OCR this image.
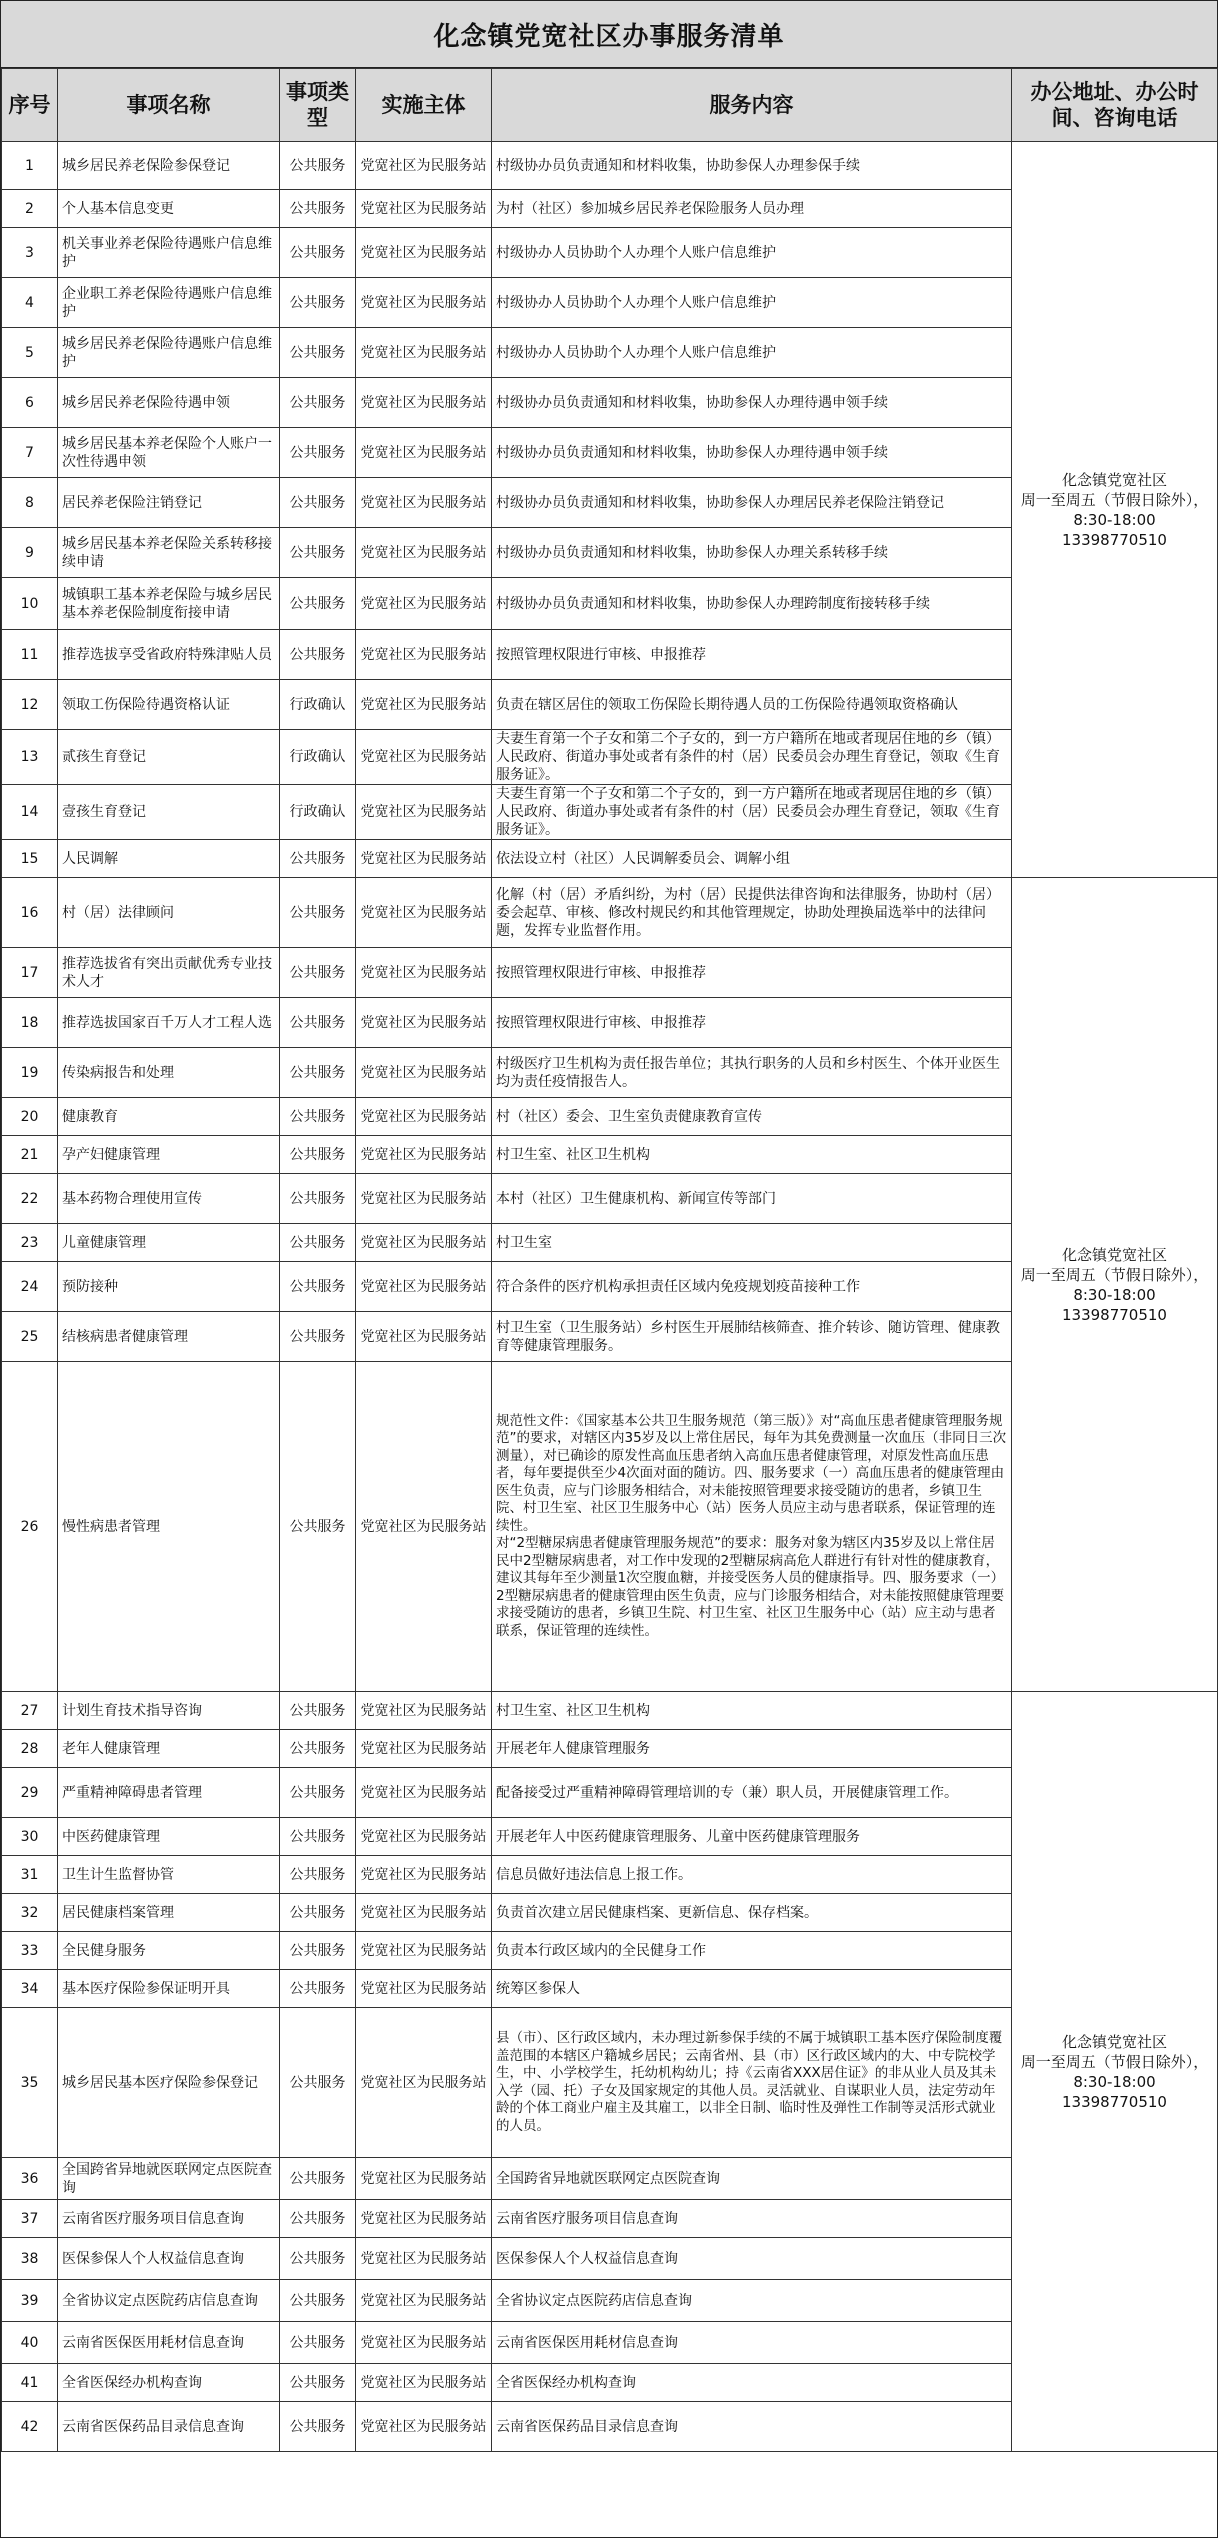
化念镇党宽社区办事服务清单
序号	事项名称	事项类型	实施主体	服务内容	办公地址、办公时间、咨询电话
1	城乡居民养老保险参保登记	公共服务	党宽社区为民服务站	村级协办员负责通知和材料收集，协助参保人办理参保手续	化念镇党宽社区
周一至周五（节假日除外），8:30-18:00
13398770510

2	个人基本信息变更	公共服务	党宽社区为民服务站	为村（社区）参加城乡居民养老保险服务人员办理	
3	机关事业养老保险待遇账户信息维护	公共服务	党宽社区为民服务站	村级协办人员协助个人办理个人账户信息维护	
4	企业职工养老保险待遇账户信息维护	公共服务	党宽社区为民服务站	村级协办人员协助个人办理个人账户信息维护	
5	城乡居民养老保险待遇账户信息维护	公共服务	党宽社区为民服务站	村级协办人员协助个人办理个人账户信息维护	
6	城乡居民养老保险待遇申领	公共服务	党宽社区为民服务站	村级协办员负责通知和材料收集，协助参保人办理待遇申领手续	
7	城乡居民基本养老保险个人账户一次性待遇申领	公共服务	党宽社区为民服务站	村级协办员负责通知和材料收集，协助参保人办理待遇申领手续	
8	居民养老保险注销登记	公共服务	党宽社区为民服务站	村级协办员负责通知和材料收集，协助参保人办理居民养老保险注销登记	
9	城乡居民基本养老保险关系转移接续申请	公共服务	党宽社区为民服务站	村级协办员负责通知和材料收集，协助参保人办理关系转移手续	
10	城镇职工基本养老保险与城乡居民基本养老保险制度衔接申请	公共服务	党宽社区为民服务站	村级协办员负责通知和材料收集，协助参保人办理跨制度衔接转移手续	
11	推荐选拔享受省政府特殊津贴人员	公共服务	党宽社区为民服务站	按照管理权限进行审核、申报推荐	
12	领取工伤保险待遇资格认证	行政确认	党宽社区为民服务站	负责在辖区居住的领取工伤保险长期待遇人员的工伤保险待遇领取资格确认	
13	贰孩生育登记	行政确认	党宽社区为民服务站	夫妻生育第一个子女和第二个子女的，到一方户籍所在地或者现居住地的乡（镇）人民政府、街道办事处或者有条件的村（居）民委员会办理生育登记，领取《生育服务证》。	
14	壹孩生育登记	行政确认	党宽社区为民服务站	夫妻生育第一个子女和第二个子女的，到一方户籍所在地或者现居住地的乡（镇）人民政府、街道办事处或者有条件的村（居）民委员会办理生育登记，领取《生育服务证》。	
15	人民调解	公共服务	党宽社区为民服务站	依法设立村（社区）人民调解委员会、调解小组	
16	村（居）法律顾问	公共服务	党宽社区为民服务站	化解（村（居）矛盾纠纷，为村（居）民提供法律咨询和法律服务，协助村（居）委会起草、审核、修改村规民约和其他管理规定，协助处理换届选举中的法律问题，发挥专业监督作用。	化念镇党宽社区
周一至周五（节假日除外），8:30-18:00
13398770510

17	推荐选拔省有突出贡献优秀专业技术人才	公共服务	党宽社区为民服务站	按照管理权限进行审核、申报推荐	
18	推荐选拔国家百千万人才工程人选	公共服务	党宽社区为民服务站	按照管理权限进行审核、申报推荐	
19	传染病报告和处理	公共服务	党宽社区为民服务站	村级医疗卫生机构为责任报告单位；其执行职务的人员和乡村医生、个体开业医生均为责任疫情报告人。	
20	健康教育	公共服务	党宽社区为民服务站	村（社区）委会、卫生室负责健康教育宣传	
21	孕产妇健康管理	公共服务	党宽社区为民服务站	村卫生室、社区卫生机构	
22	基本药物合理使用宣传	公共服务	党宽社区为民服务站	本村（社区）卫生健康机构、新闻宣传等部门	
23	儿童健康管理	公共服务	党宽社区为民服务站	村卫生室	
24	预防接种	公共服务	党宽社区为民服务站	符合条件的医疗机构承担责任区域内免疫规划疫苗接种工作	
25	结核病患者健康管理	公共服务	党宽社区为民服务站	村卫生室（卫生服务站）乡村医生开展肺结核筛查、推介转诊、随访管理、健康教育等健康管理服务。	
26	慢性病患者管理	公共服务	党宽社区为民服务站	规范性文件：《国家基本公共卫生服务规范（第三版）》对“高血压患者健康管理服务规范”的要求，对辖区内35岁及以上常住居民，每年为其免费测量一次血压（非同日三次测量），对已确诊的原发性高血压患者纳入高血压患者健康管理，对原发性高血压患者，每年要提供至少4次面对面的随访。四、服务要求（一）高血压患者的健康管理由医生负责，应与门诊服务相结合，对未能按照管理要求接受随访的患者，乡镇卫生院、村卫生室、社区卫生服务中心（站）医务人员应主动与患者联系，保证管理的连续性。
对“2型糖尿病患者健康管理服务规范”的要求：服务对象为辖区内35岁及以上常住居民中2型糖尿病患者，对工作中发现的2型糖尿病高危人群进行有针对性的健康教育，建议其每年至少测量1次空腹血糖，并接受医务人员的健康指导。四、服务要求（一）2型糖尿病患者的健康管理由医生负责，应与门诊服务相结合，对未能按照健康管理要求接受随访的患者，乡镇卫生院、村卫生室、社区卫生服务中心（站）应主动与患者联系，保证管理的连续性。	
27	计划生育技术指导咨询	公共服务	党宽社区为民服务站	村卫生室、社区卫生机构	化念镇党宽社区
周一至周五（节假日除外），8:30-18:00
13398770510

28	老年人健康管理	公共服务	党宽社区为民服务站	开展老年人健康管理服务	
29	严重精神障碍患者管理	公共服务	党宽社区为民服务站	配备接受过严重精神障碍管理培训的专（兼）职人员，开展健康管理工作。	
30	中医药健康管理	公共服务	党宽社区为民服务站	开展老年人中医药健康管理服务、儿童中医药健康管理服务	
31	卫生计生监督协管	公共服务	党宽社区为民服务站	信息员做好违法信息上报工作。	
32	居民健康档案管理	公共服务	党宽社区为民服务站	负责首次建立居民健康档案、更新信息、保存档案。	
33	全民健身服务	公共服务	党宽社区为民服务站	负责本行政区域内的全民健身工作	
34	基本医疗保险参保证明开具	公共服务	党宽社区为民服务站	统筹区参保人	
35	城乡居民基本医疗保险参保登记	公共服务	党宽社区为民服务站	县（市）、区行政区域内，未办理过新参保手续的不属于城镇职工基本医疗保险制度覆盖范围的本辖区户籍城乡居民；云南省州、县（市）区行政区域内的大、中专院校学生，中、小学校学生，托幼机构幼儿；持《云南省XXX居住证》的非从业人员及其未入学（园、托）子女及国家规定的其他人员。灵活就业、自谋职业人员，法定劳动年龄的个体工商业户雇主及其雇工，以非全日制、临时性及弹性工作制等灵活形式就业的人员。	
36	全国跨省异地就医联网定点医院查询	公共服务	党宽社区为民服务站	全国跨省异地就医联网定点医院查询	
37	云南省医疗服务项目信息查询	公共服务	党宽社区为民服务站	云南省医疗服务项目信息查询	
38	医保参保人个人权益信息查询	公共服务	党宽社区为民服务站	医保参保人个人权益信息查询	
39	全省协议定点医院药店信息查询	公共服务	党宽社区为民服务站	全省协议定点医院药店信息查询	
40	云南省医保医用耗材信息查询	公共服务	党宽社区为民服务站	云南省医保医用耗材信息查询	
41	全省医保经办机构查询	公共服务	党宽社区为民服务站	全省医保经办机构查询	
42	云南省医保药品目录信息查询	公共服务	党宽社区为民服务站	云南省医保药品目录信息查询	
